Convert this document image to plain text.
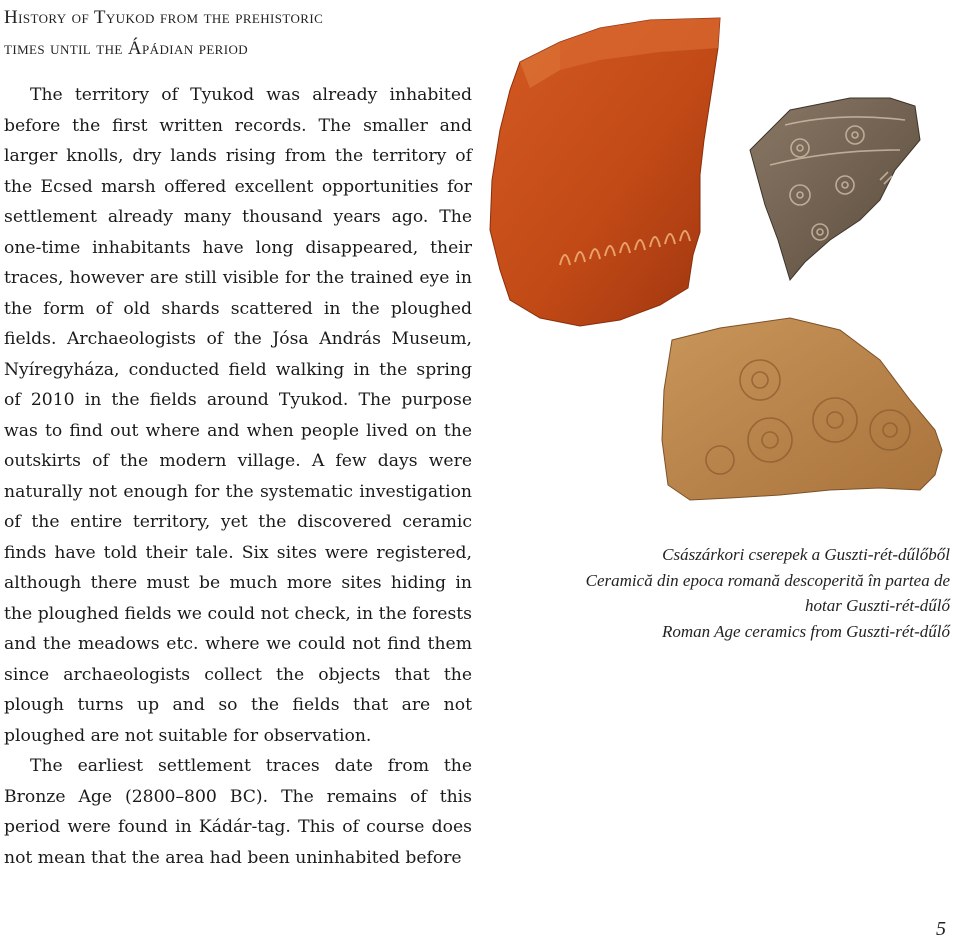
History of Tyukod from the prehistoric
times until the Ápádian period

The territory of Tyukod was already inhabited before the first written records. The smaller and larger knolls, dry lands rising from the territory of the Ecsed marsh offered excellent opportunities for settlement already many thousand years ago. The one-time inhabitants have long disappeared, their traces, however are still visible for the trained eye in the form of old shards scattered in the ploughed fields. Archaeologists of the Jósa András Museum, Nyíregyháza, conducted field walking in the spring of 2010 in the fields around Tyukod. The purpose was to find out where and when people lived on the outskirts of the modern village. A few days were naturally not enough for the systematic investigation of the entire territory, yet the discovered ceramic finds have told their tale. Six sites were registered, although there must be much more sites hiding in the ploughed fields we could not check, in the forests and the meadows etc. where we could not find them since archaeologists collect the objects that the plough turns up and so the fields that are not ploughed are not suitable for observation.

The earliest settlement traces date from the Bronze Age (2800–800 BC). The remains of this period were found in Kádár-tag. This of course does not mean that the area had been uninhabited before

Császárkori cserepek a Guszti-rét-dűlőből
Ceramică din epoca romană descoperită în partea de hotar Guszti-rét-dűlő
Roman Age ceramics from Guszti-rét-dűlő
5
